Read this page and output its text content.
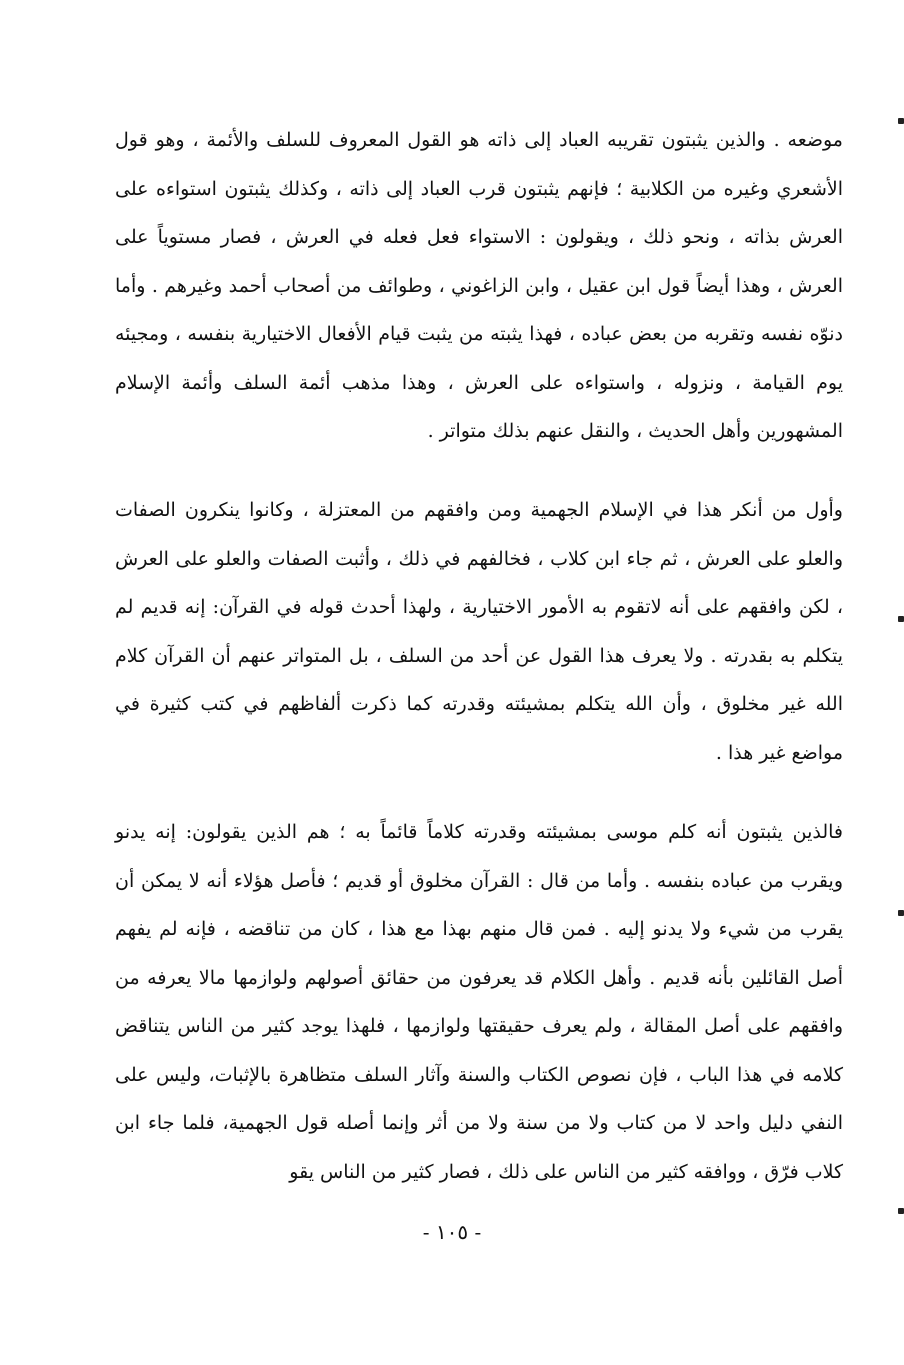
موضعه . والذين يثبتون تقريبه العباد إلى ذاته هو القول المعروف للسلف والأئمة ، وهو قول الأشعري وغيره من الكلابية ؛ فإنهم يثبتون قرب العباد إلى ذاته ، وكذلك يثبتون استواءه على العرش بذاته ، ونحو ذلك ، ويقولون : الاستواء فعل فعله في العرش ، فصار مستوياً على العرش ، وهذا أيضاً قول ابن عقيل ، وابن الزاغوني ، وطوائف من أصحاب أحمد وغيرهم . وأما دنوّه نفسه وتقربه من بعض عباده ، فهذا يثبته من يثبت قيام الأفعال الاختيارية بنفسه ، ومجيئه يوم القيامة ، ونزوله ، واستواءه على العرش ، وهذا مذهب أئمة السلف وأئمة الإسلام المشهورين وأهل الحديث ، والنقل عنهم بذلك متواتر .

وأول من أنكر هذا في الإسلام الجهمية ومن وافقهم من المعتزلة ، وكانوا ينكرون الصفات والعلو على العرش ، ثم جاء ابن كلاب ، فخالفهم في ذلك ، وأثبت الصفات والعلو على العرش ، لكن وافقهم على أنه لاتقوم به الأمور الاختيارية ، ولهذا أحدث قوله في القرآن: إنه قديم لم يتكلم به بقدرته . ولا يعرف هذا القول عن أحد من السلف ، بل المتواتر عنهم أن القرآن كلام الله غير مخلوق ، وأن الله يتكلم بمشيئته وقدرته كما ذكرت ألفاظهم في كتب كثيرة في مواضع غير هذا .

فالذين يثبتون أنه كلم موسى بمشيئته وقدرته كلاماً قائماً به ؛ هم الذين يقولون: إنه يدنو ويقرب من عباده بنفسه . وأما من قال : القرآن مخلوق أو قديم ؛ فأصل هؤلاء أنه لا يمكن أن يقرب من شيء ولا يدنو إليه . فمن قال منهم بهذا مع هذا ، كان من تناقضه ، فإنه لم يفهم أصل القائلين بأنه قديم . وأهل الكلام قد يعرفون من حقائق أصولهم ولوازمها مالا يعرفه من وافقهم على أصل المقالة ، ولم يعرف حقيقتها ولوازمها ، فلهذا يوجد كثير من الناس يتناقض كلامه في هذا الباب ، فإن نصوص الكتاب والسنة وآثار السلف متظاهرة بالإثبات، وليس على النفي دليل واحد لا من كتاب ولا من سنة ولا من أثر وإنما أصله قول الجهمية، فلما جاء ابن كلاب فرّق ، ووافقه كثير من الناس على ذلك ، فصار كثير من الناس يقو

- ١٠٥ -
